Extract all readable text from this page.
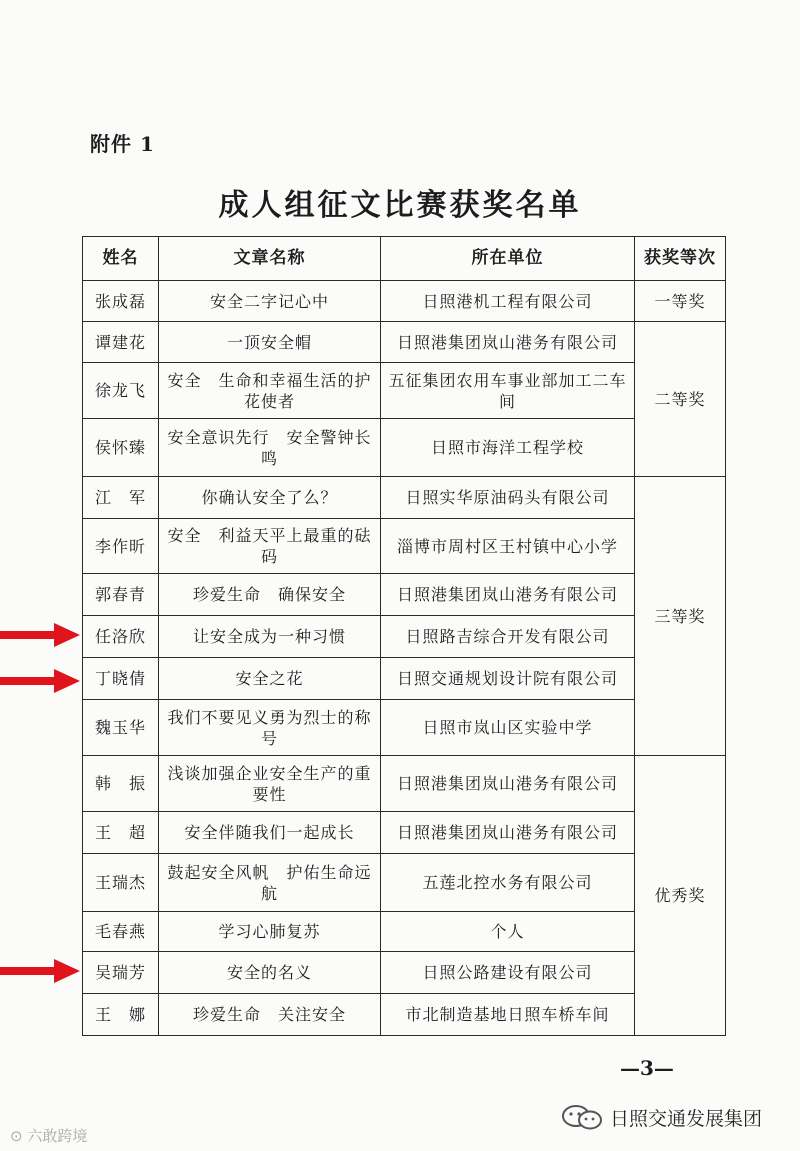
附件 1
成人组征文比赛获奖名单
姓名	文章名称	所在单位	获奖等次
张成磊	安全二字记心中	日照港机工程有限公司	一等奖
谭建花	一顶安全帽	日照港集团岚山港务有限公司	二等奖
徐龙飞	安全　生命和幸福生活的护花使者	五征集团农用车事业部加工二车间	
侯怀臻	安全意识先行　安全警钟长鸣	日照市海洋工程学校	
江　军	你确认安全了么？	日照实华原油码头有限公司	三等奖
李作昕	安全　利益天平上最重的砝码	淄博市周村区王村镇中心小学	
郭春青	珍爱生命　确保安全	日照港集团岚山港务有限公司	
任洛欣	让安全成为一种习惯	日照路吉综合开发有限公司	
丁晓倩	安全之花	日照交通规划设计院有限公司	
魏玉华	我们不要见义勇为烈士的称号	日照市岚山区实验中学	
韩　振	浅谈加强企业安全生产的重要性	日照港集团岚山港务有限公司	优秀奖
王　超	安全伴随我们一起成长	日照港集团岚山港务有限公司	
王瑞杰	鼓起安全风帆　护佑生命远航	五莲北控水务有限公司	
毛春燕	学习心肺复苏	个人	
吴瑞芳	安全的名义	日照公路建设有限公司	
王　娜	珍爱生命　关注安全	市北制造基地日照车桥车间	
—3—
⊙ 六敢跨境
日照交通发展集团
